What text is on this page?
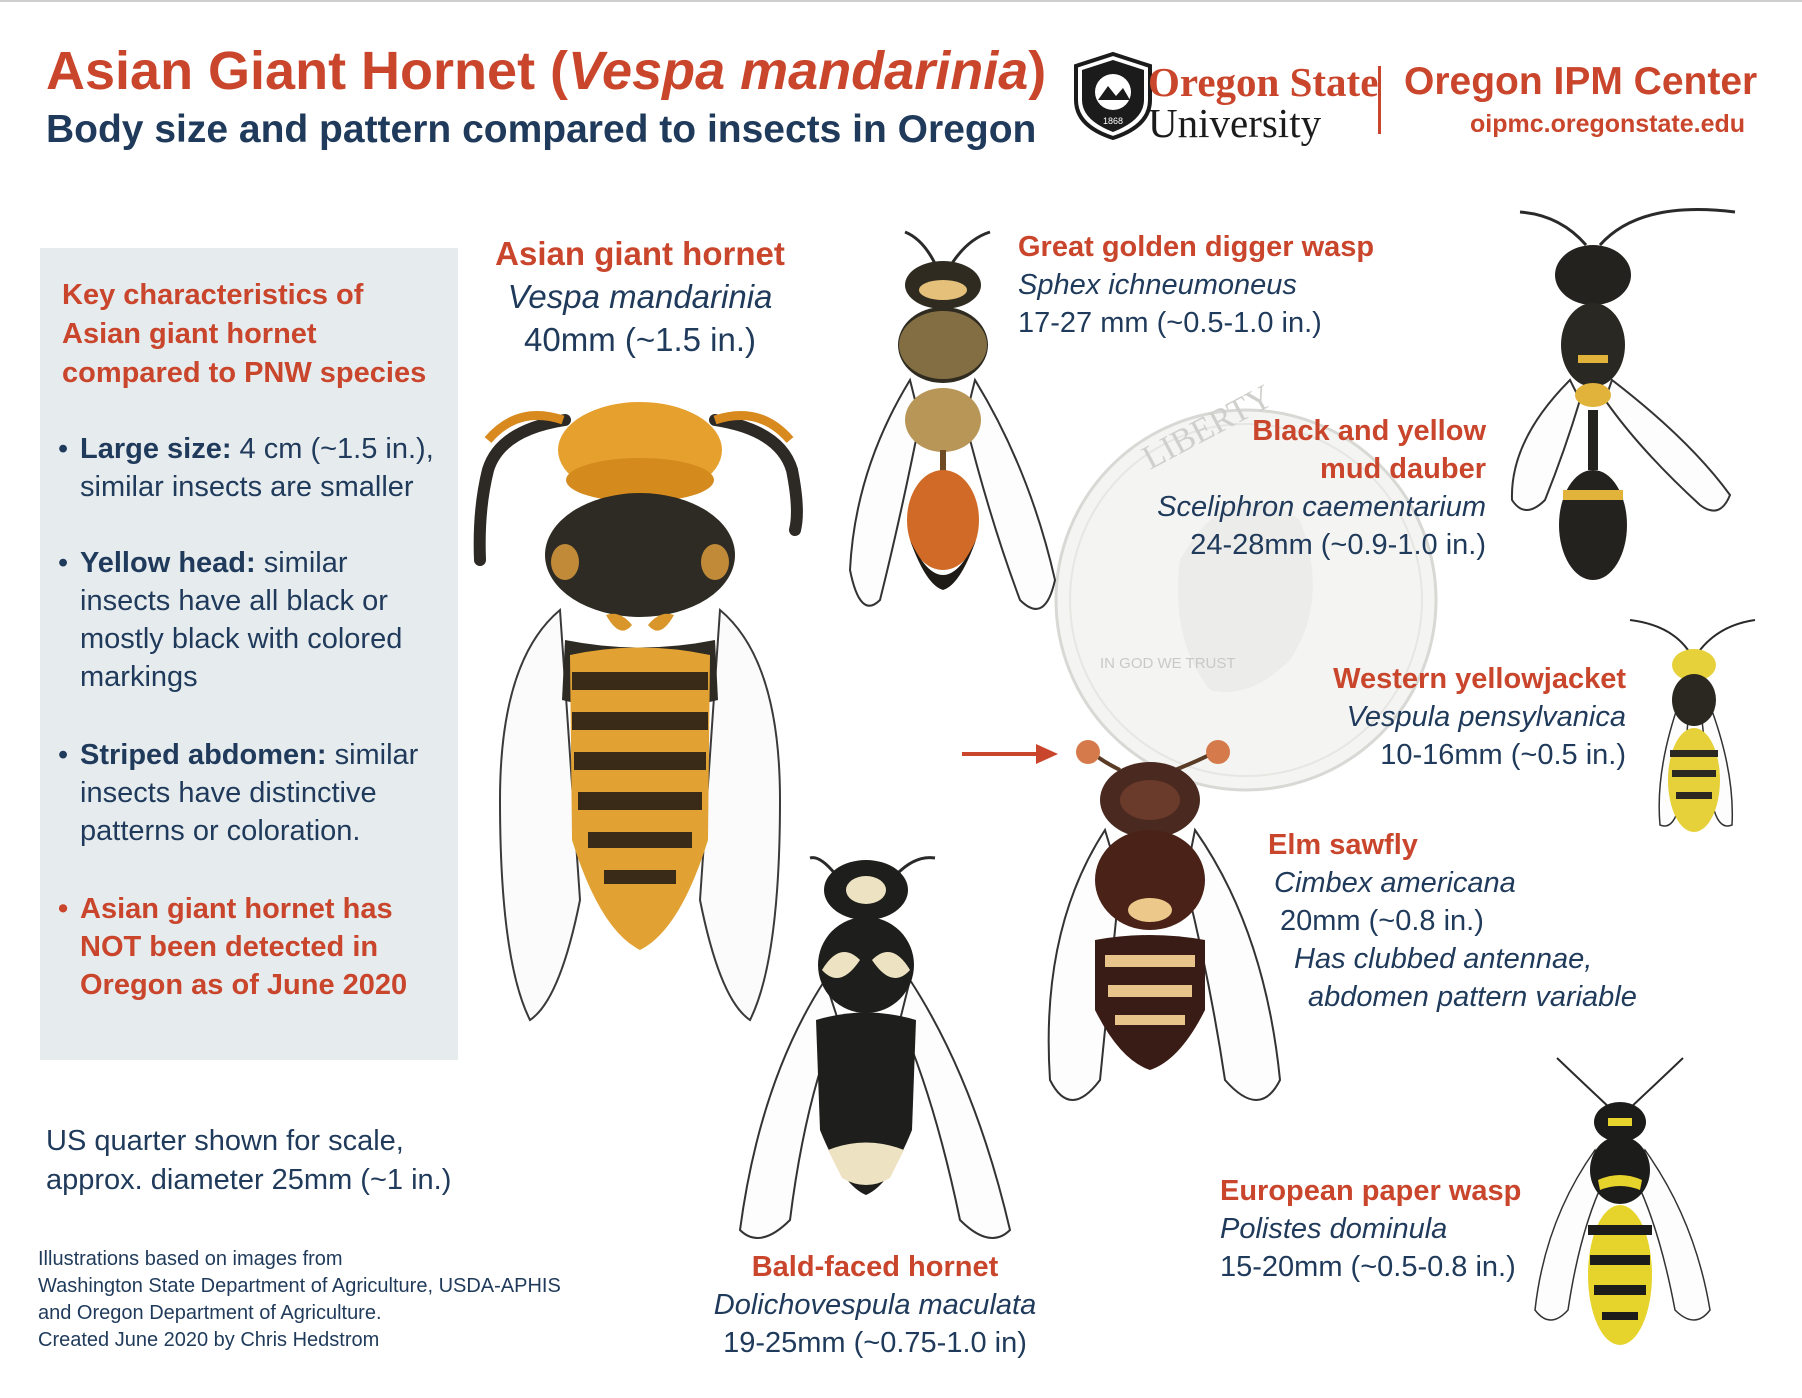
LIBERTY
IN GOD WE TRUST
Asian Giant Hornet (Vespa mandarinia)
Body size and pattern compared to insects in Oregon	1868
Oregon State
University
Oregon IPM Center
oipmc.oregonstate.edu
Key characteristics of Asian giant hornet compared to PNW species
• Large size: 4 cm (~1.5 in.), similar insects are smaller
• Yellow head: similar insects have all black or mostly black with colored markings
• Striped abdomen: similar insects have distinctive patterns or coloration.
• Asian giant hornet has NOT been detected in Oregon as of June 2020
US quarter shown for scale, approx. diameter 25mm (~1 in.)
Illustrations based on images from
Washington State Department of Agriculture, USDA-APHIS
and Oregon Department of Agriculture.
Created June 2020 by Chris Hedstrom
Asian giant hornet
Vespa mandarinia
40mm (~1.5 in.)
Great golden digger wasp
Sphex ichneumoneus
17-27 mm (~0.5-1.0 in.)
Black and yellow
mud dauber
Sceliphron caementarium
24-28mm (~0.9-1.0 in.)
Western yellowjacket
Vespula pensylvanica
10-16mm (~0.5 in.)
Elm sawfly
Cimbex americana
20mm (~0.8 in.)
Has clubbed antennae,
abdomen pattern variable
Bald-faced hornet
Dolichovespula maculata
19-25mm (~0.75-1.0 in)
European paper wasp
Polistes dominula
15-20mm (~0.5-0.8 in.)
